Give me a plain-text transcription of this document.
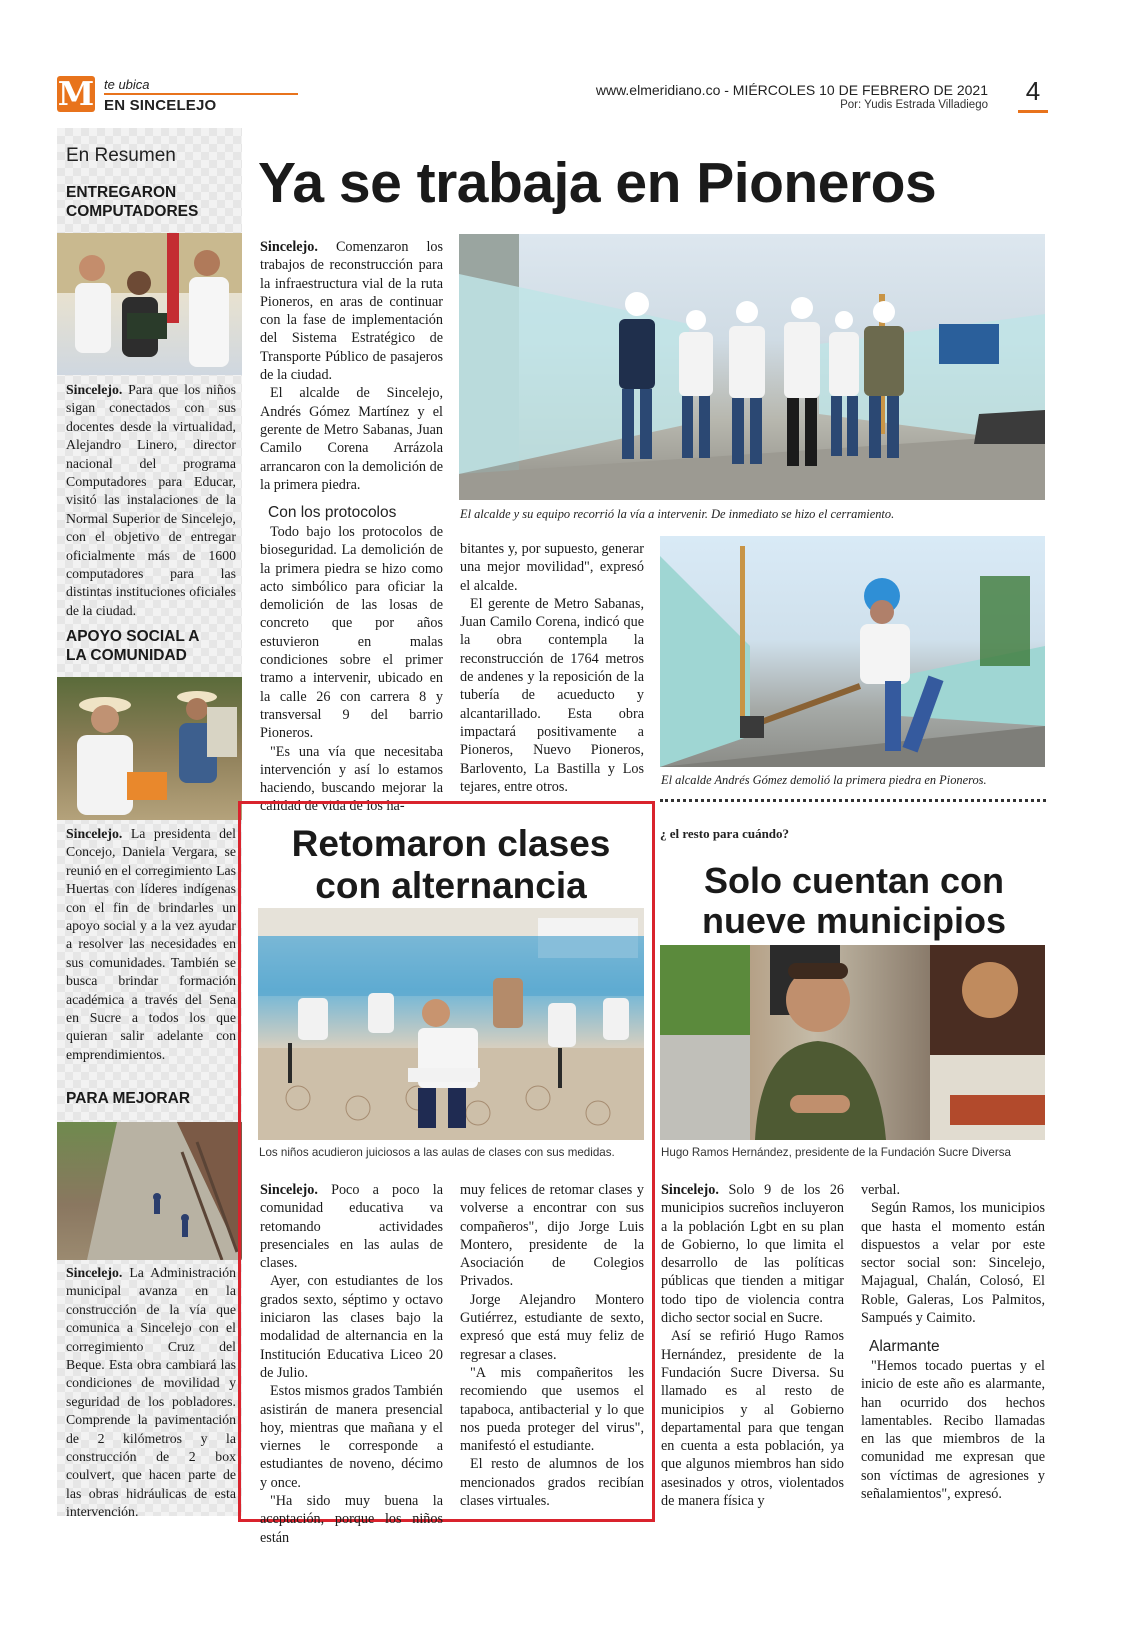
M te ubica
EN SINCELEJO
www.elmeridiano.co - MIÉRCOLES 10 DE FEBRERO DE 2021
Por: Yudis Estrada Villadiego 4
En Resumen
ENTREGARON COMPUTADORES
Sincelejo. Para que los niños sigan conectados con sus docentes desde la virtualidad, Alejandro Linero, director nacional del programa Computadores para Educar, visitó las instalaciones de la Normal Superior de Sincelejo, con el objetivo de entregar oficialmente más de 1600 computadores para las distintas instituciones oficiales de la ciudad.
APOYO SOCIAL A LA COMUNIDAD
Sincelejo. La presidenta del Concejo, Daniela Vergara, se reunió en el corregimiento Las Huertas con líderes indígenas con el fin de brindarles un apoyo social y a la vez ayudar a resolver las necesidades en sus comunidades. También se busca brindar formación académica a través del Sena en Sucre a todos los que quieran salir adelante con emprendimientos.
PARA MEJORAR
Sincelejo. La Administración municipal avanza en la construcción de la vía que comunica a Sincelejo con el corregimiento Cruz del Beque. Esta obra cambiará las condiciones de movilidad y seguridad de los pobladores. Comprende la pavimentación de 2 kilómetros y la construcción de 2 box coulvert, que hacen parte de las obras hidráulicas de esta intervención.
Ya se trabaja en Pioneros

Sincelejo. Comenzaron los trabajos de reconstrucción para la infraestructura vial de la ruta Pioneros, en aras de continuar con la fase de implementación del Sistema Estratégico de Transporte Público de pasajeros de la ciudad.

El alcalde de Sincelejo, Andrés Gómez Martínez y el gerente de Metro Sabanas, Juan Camilo Corena Arrázola arrancaron con la demolición de la primera piedra.

Con los protocolos

Todo bajo los protocolos de bioseguridad. La demolición de la primera piedra se hizo como acto simbólico para oficiar la demolición de las losas de concreto que por años estuvieron en malas condiciones sobre el primer tramo a intervenir, ubicado en la calle 26 con carrera 8 y transversal 9 del barrio Pioneros.

"Es una vía que necesitaba intervención y así lo estamos haciendo, buscando mejorar la calidad de vida de los ha-

El alcalde y su equipo recorrió la vía a intervenir. De inmediato se hizo el cerramiento.

bitantes y, por supuesto, generar una mejor movilidad", expresó el alcalde.

El gerente de Metro Sabanas, Juan Camilo Corena, indicó que la obra contempla la reconstrucción de 1764 metros de andenes y la reposición de la tubería de acueducto y alcantarillado. Esta obra impactará positivamente a Pioneros, Nuevo Pioneros, Barlovento, La Bastilla y Los tejares, entre otros.	El alcalde Andrés Gómez demolió la primera piedra en Pioneros.
Retomaron clases
con alternancia
Los niños acudieron juiciosos a las aulas de clases con sus medidas.

Sincelejo. Poco a poco la comunidad educativa va retomando actividades presenciales en las aulas de clases.

Ayer, con estudiantes de los grados sexto, séptimo y octavo iniciaron las clases bajo la modalidad de alternancia en la Institución Educativa Liceo 20 de Julio.

Estos mismos grados También asistirán de manera presencial hoy, mientras que mañana y el viernes le corresponde a estudiantes de noveno, décimo y once.

"Ha sido muy buena la aceptación, porque los niños están

muy felices de retomar clases y volverse a encontrar con sus compañeros", dijo Jorge Luis Montero, presidente de la Asociación de Colegios Privados.

Jorge Alejandro Montero Gutiérrez, estudiante de sexto, expresó que está muy feliz de regresar a clases.

"A mis compañeritos les recomiendo que usemos el tapaboca, antibacterial y lo que nos pueda proteger del virus", manifestó el estudiante.

El resto de alumnos de los mencionados grados recibían clases virtuales.

¿ el resto para cuándo?
Solo cuentan con
nueve municipios
Hugo Ramos Hernández, presidente de la Fundación Sucre Diversa

Sincelejo. Solo 9 de los 26 municipios sucreños incluyeron a la población Lgbt en su plan de Gobierno, lo que limita el desarrollo de las políticas públicas que tienden a mitigar todo tipo de violencia contra dicho sector social en Sucre.

Así se refirió Hugo Ramos Hernández, presidente de la Fundación Sucre Diversa. Su llamado es al resto de municipios y al Gobierno departamental para que tengan en cuenta a esta población, ya que algunos miembros han sido asesinados y otros, violentados de manera física y

verbal.

Según Ramos, los municipios que hasta el momento están dispuestos a velar por este sector social son: Sincelejo, Majagual, Chalán, Colosó, El Roble, Galeras, Los Palmitos, Sampués y Caimito.

Alarmante

"Hemos tocado puertas y el inicio de este año es alarmante, han ocurrido dos hechos lamentables. Recibo llamadas en las que miembros de la comunidad me expresan que son víctimas de agresiones y señalamientos", expresó.
